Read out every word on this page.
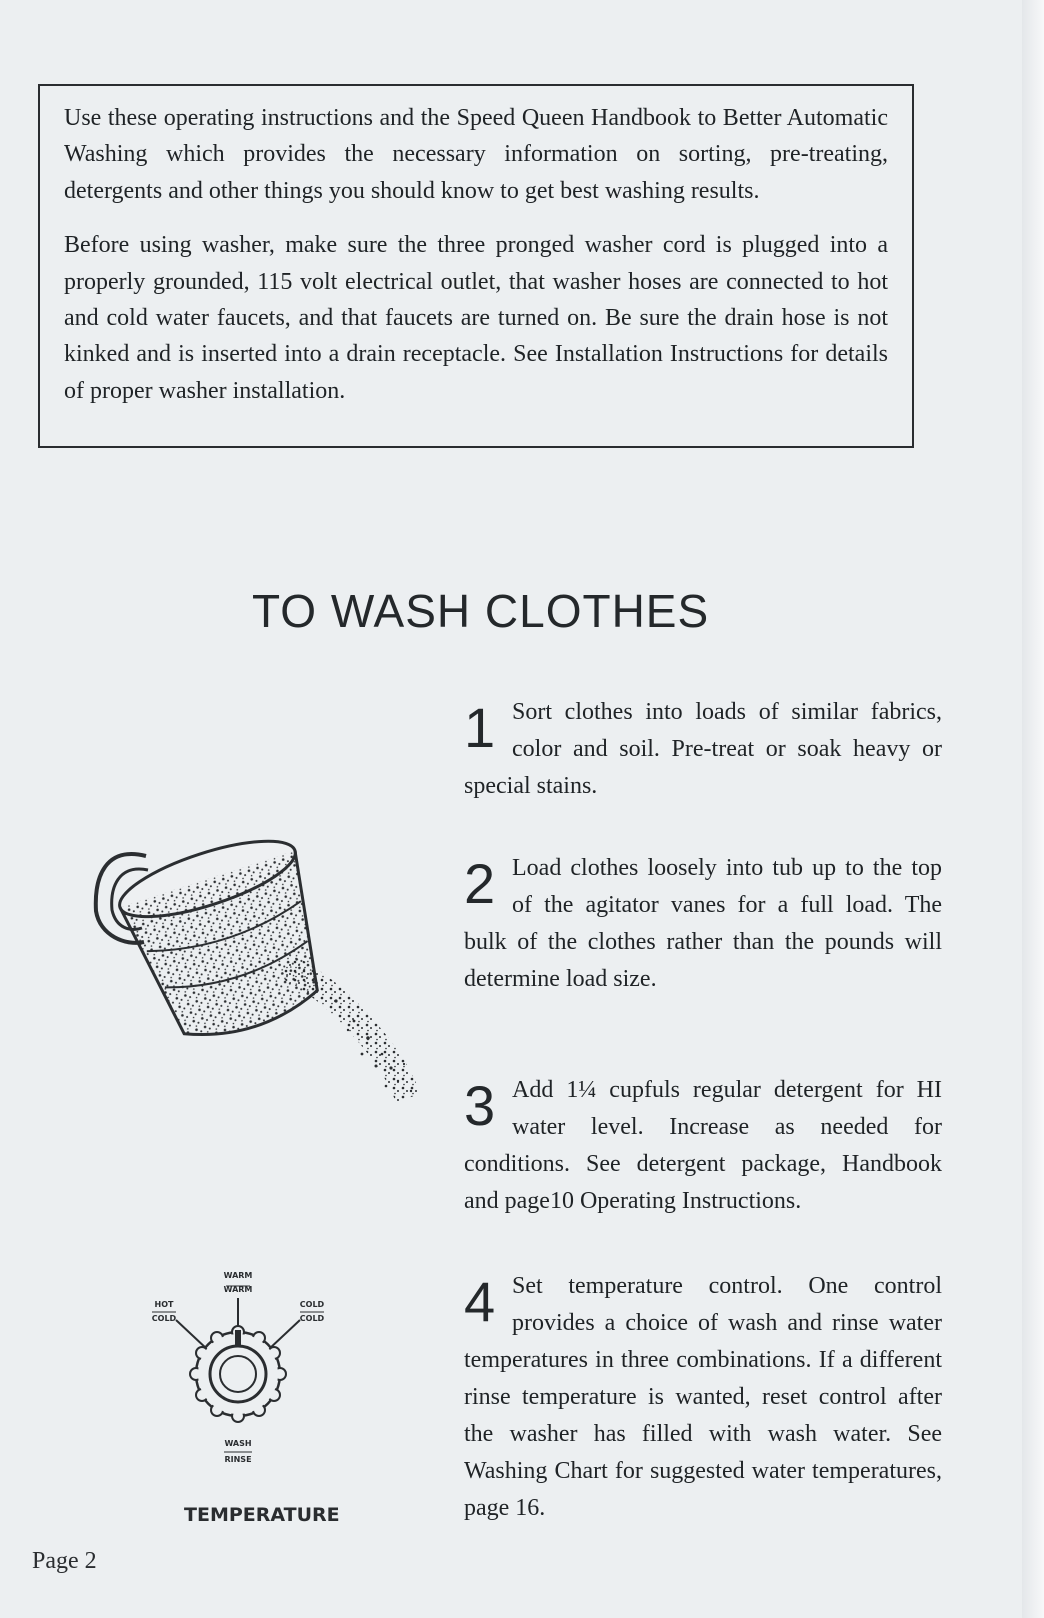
Use these operating instructions and the Speed Queen Handbook to Better Automatic Washing which provides the necessary information on sorting, pre-treating, detergents and other things you should know to get best washing results.

Before using washer, make sure the three pronged washer cord is plugged into a properly grounded, 115 volt electrical outlet, that washer hoses are connected to hot and cold water faucets, and that faucets are turned on. Be sure the drain hose is not kinked and is inserted into a drain receptacle. See Installation Instructions for details of proper washer installation.

TO WASH CLOTHES
1 Sort clothes into loads of similar fabrics, color and soil. Pre-treat or soak heavy or special stains.
2 Load clothes loosely into tub up to the top of the agitator vanes for a full load. The bulk of the clothes rather than the pounds will determine load size.
3 Add 1¼ cupfuls regular detergent for HI water level. Increase as needed for conditions. See detergent package, Handbook and page10 Operating Instructions.
4 Set temperature control. One control provides a choice of wash and rinse water temperatures in three combinations. If a different rinse temperature is wanted, reset control after the washer has filled with wash water. See Washing Chart for suggested water temperatures, page 16.
WARM
WARM
HOT
COLD
COLD
COLD
WASH
RINSE
TEMPERATURE
Page 2
